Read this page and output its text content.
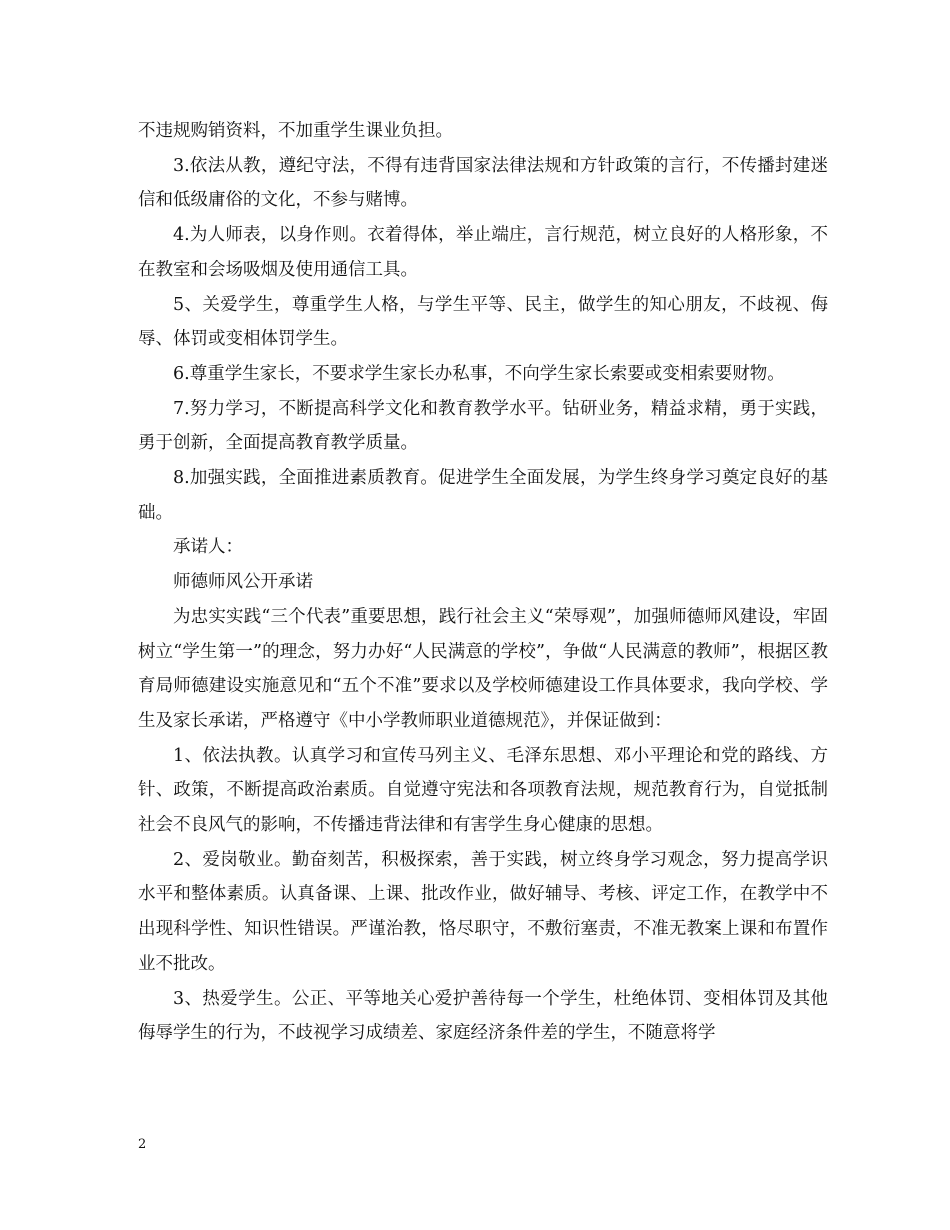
不违规购销资料，不加重学生课业负担。

3.依法从教，遵纪守法，不得有违背国家法律法规和方针政策的言行，不传播封建迷信和低级庸俗的文化，不参与赌博。

4.为人师表，以身作则。衣着得体，举止端庄，言行规范，树立良好的人格形象，不在教室和会场吸烟及使用通信工具。

5、关爱学生，尊重学生人格，与学生平等、民主，做学生的知心朋友，不歧视、侮辱、体罚或变相体罚学生。

6.尊重学生家长，不要求学生家长办私事，不向学生家长索要或变相索要财物。

7.努力学习，不断提高科学文化和教育教学水平。钻研业务，精益求精，勇于实践，勇于创新，全面提高教育教学质量。

8.加强实践，全面推进素质教育。促进学生全面发展，为学生终身学习奠定良好的基础。

承诺人：

师德师风公开承诺

为忠实实践“三个代表”重要思想，践行社会主义“荣辱观”，加强师德师风建设，牢固树立“学生第一”的理念，努力办好“人民满意的学校”，争做“人民满意的教师”，根据区教育局师德建设实施意见和“五个不准”要求以及学校师德建设工作具体要求，我向学校、学生及家长承诺，严格遵守《中小学教师职业道德规范》，并保证做到：

1、依法执教。认真学习和宣传马列主义、毛泽东思想、邓小平理论和党的路线、方针、政策，不断提高政治素质。自觉遵守宪法和各项教育法规，规范教育行为，自觉抵制社会不良风气的影响，不传播违背法律和有害学生身心健康的思想。

2、爱岗敬业。勤奋刻苦，积极探索，善于实践，树立终身学习观念，努力提高学识水平和整体素质。认真备课、上课、批改作业，做好辅导、考核、评定工作，在教学中不出现科学性、知识性错误。严谨治教，恪尽职守，不敷衍塞责，不准无教案上课和布置作业不批改。

3、热爱学生。公正、平等地关心爱护善待每一个学生，杜绝体罚、变相体罚及其他侮辱学生的行为，不歧视学习成绩差、家庭经济条件差的学生，不随意将学

2
